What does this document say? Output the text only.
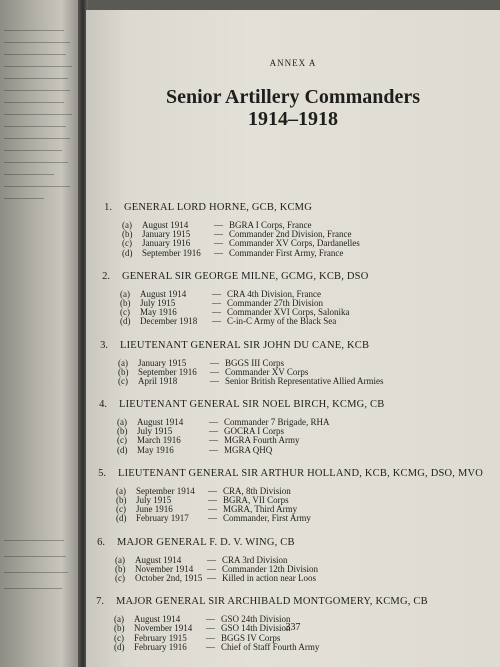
ANNEX A
Senior Artillery Commanders
1914–1918
1. GENERAL LORD HORNE, GCB, KCMG
(a) August 1914	— BGRA I Corps, France
(b) January 1915	— Commander 2nd Division, France
(c) January 1916	— Commander XV Corps, Dardanelles
(d) September 1916 — Commander First Army, France
2. GENERAL SIR GEORGE MILNE, GCMG, KCB, DSO
(a) August 1914	— CRA 4th Division, France
(b) July 1915	— Commander 27th Division
(c) May 1916	— Commander XVI Corps, Salonika
(d) December 1918 — C-in-C Army of the Black Sea
3. LIEUTENANT GENERAL SIR JOHN DU CANE, KCB
(a) January 1915	— BGGS III Corps
(b) September 1916 — Commander XV Corps
(c) April 1918	— Senior British Representative Allied Armies
4. LIEUTENANT GENERAL SIR NOEL BIRCH, KCMG, CB
(a) August 1914	— Commander 7 Brigade, RHA
(b) July 1915	— GOCRA I Corps
(c) March 1916	— MGRA Fourth Army
(d) May 1916	— MGRA QHQ
5. LIEUTENANT GENERAL SIR ARTHUR HOLLAND, KCB, KCMG, DSO, MVO
(a) September 1914 — CRA, 8th Division
(b) July 1915	— BGRA, VII Corps
(c) June 1916	— MGRA, Third Army
(d) February 1917 — Commander, First Army
6. MAJOR GENERAL F. D. V. WING, CB
(a) August 1914	— CRA 3rd Division
(b) November 1914 — Commander 12th Division
(c) October 2nd, 1915 — Killed in action near Loos
7. MAJOR GENERAL SIR ARCHIBALD MONTGOMERY, KCMG, CB
(a) August 1914	— GSO 24th Division
(b) November 1914 — GSO 14th Division
(c) February 1915 — BGGS IV Corps
(d) February 1916 — Chief of Staff Fourth Army
337
